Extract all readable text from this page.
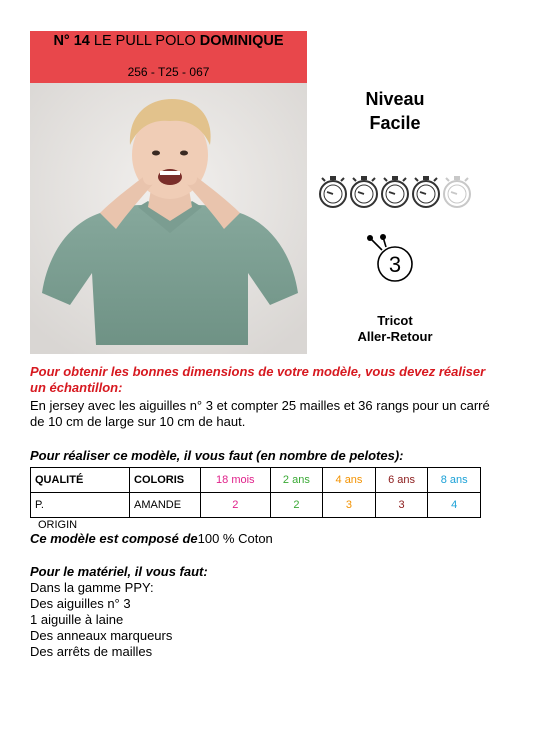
N° 14 LE PULL POLO DOMINIQUE
256 - T25 - 067
Niveau
Facile
3
Tricot
Aller-Retour
Pour obtenir les bonnes dimensions de votre modèle, vous devez réaliser un échantillon:
En jersey avec les aiguilles n° 3 et compter 25 mailles et 36 rangs pour un carré de 10 cm de large sur 10 cm de haut.
Pour réaliser ce modèle, il vous faut (en nombre de pelotes):
QUALITÉ	COLORIS	18 mois	2 ans	4 ans	6 ans	8 ans
P.	AMANDE	2	2	3	3	4
ORIGIN
Ce modèle est composé de100 % Coton
Pour le matériel, il vous faut:
Dans la gamme PPY:
Des aiguilles n° 3
1 aiguille à laine
Des anneaux marqueurs
Des arrêts de mailles
